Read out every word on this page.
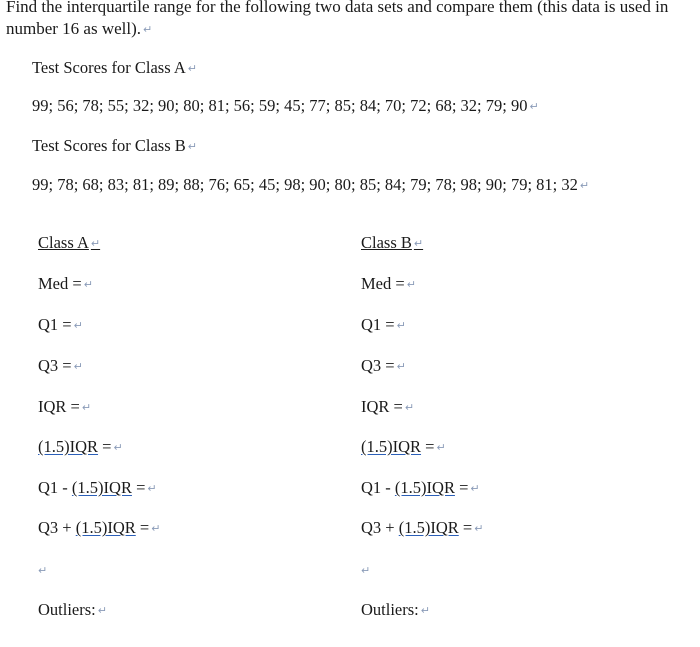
Find the interquartile range for the following two data sets and compare them (this data is used in number 16 as well). ↵
Test Scores for Class A ↵
99; 56; 78; 55; 32; 90; 80; 81; 56; 59; 45; 77; 85; 84; 70; 72; 68; 32; 79; 90 ↵
Test Scores for Class B ↵
99; 78; 68; 83; 81; 89; 88; 76; 65; 45; 98; 90; 80; 85; 84; 79; 78; 98; 90; 79; 81; 32 ↵
Class A ↵
Med = ↵
Q1 = ↵
Q3 = ↵
IQR = ↵
(1.5)IQR = ↵
Q1 - (1.5)IQR = ↵
Q3 + (1.5)IQR = ↵
↵
Outliers: ↵
Class B ↵
Med = ↵
Q1 = ↵
Q3 = ↵
IQR = ↵
(1.5)IQR = ↵
Q1 - (1.5)IQR = ↵
Q3 + (1.5)IQR = ↵
↵
Outliers: ↵
